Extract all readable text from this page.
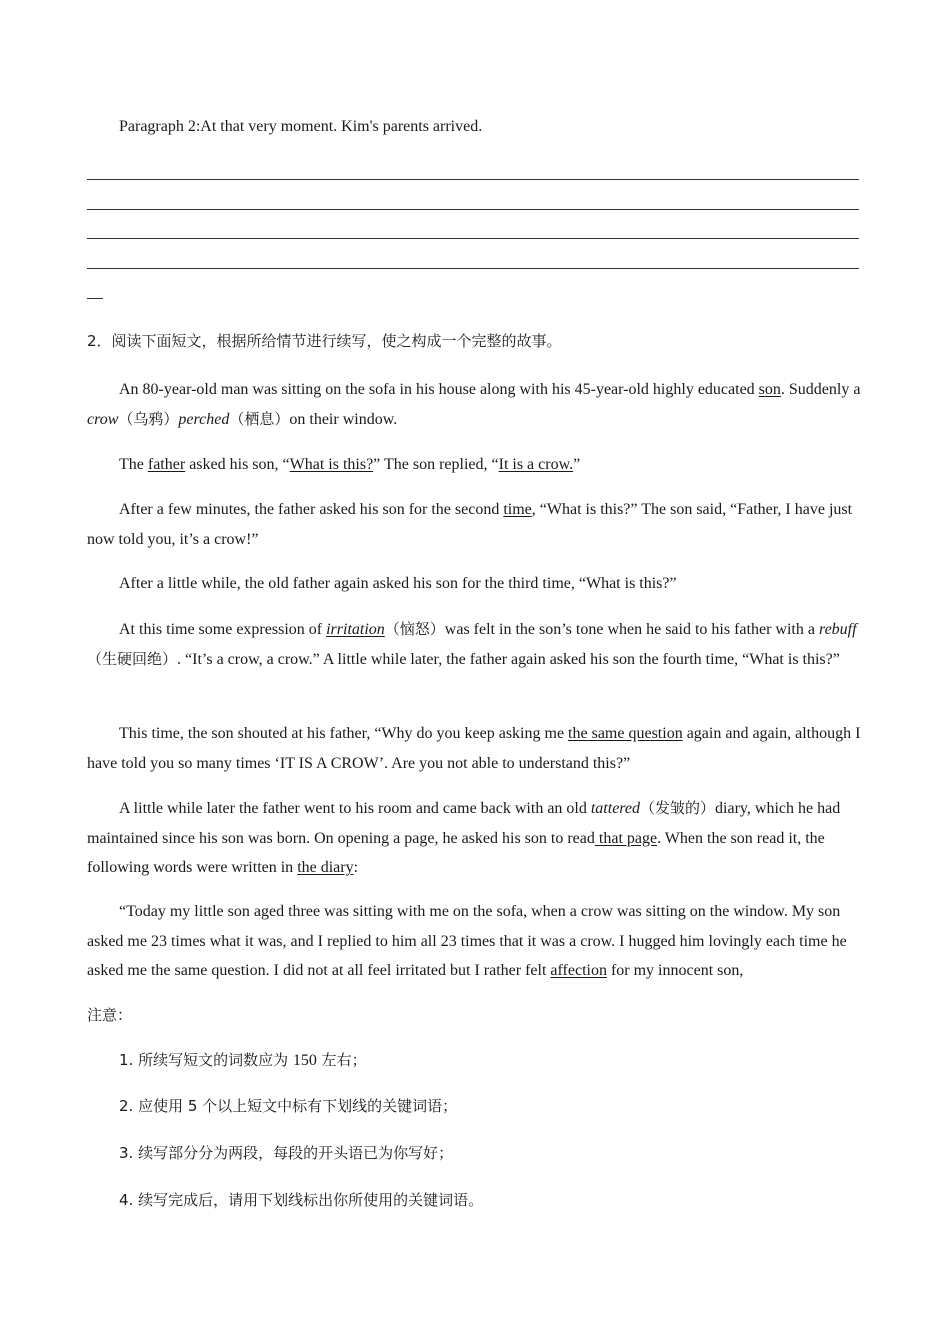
Paragraph 2:At that very moment. Kim's parents arrived.

2．阅读下面短文，根据所给情节进行续写，使之构成一个完整的故事。

An 80-year-old man was sitting on the sofa in his house along with his 45-year-old highly educated son. Suddenly a crow（乌鸦）perched（栖息）on their window.

The father asked his son, “What is this?” The son replied, “It is a crow.”

After a few minutes, the father asked his son for the second time, “What is this?” The son said, “Father, I have just now told you, it’s a crow!”

After a little while, the old father again asked his son for the third time, “What is this?”

At this time some expression of irritation（恼怒）was felt in the son’s tone when he said to his father with a rebuff（生硬回绝）. “It’s a crow, a crow.” A little while later, the father again asked his son the fourth time, “What is this?”

This time, the son shouted at his father, “Why do you keep asking me the same question again and again, although I have told you so many times ‘IT IS A CROW’. Are you not able to understand this?”

A little while later the father went to his room and came back with an old tattered（发皱的）diary, which he had maintained since his son was born. On opening a page, he asked his son to read that page. When the son read it, the following words were written in the diary:

“Today my little son aged three was sitting with me on the sofa, when a crow was sitting on the window. My son asked me 23 times what it was, and I replied to him all 23 times that it was a crow. I hugged him lovingly each time he asked me the same question. I did not at all feel irritated but I rather felt affection for my innocent son,

注意：

1. 所续写短文的词数应为 150 左右；

2. 应使用 5 个以上短文中标有下划线的关键词语；

3. 续写部分分为两段，每段的开头语已为你写好；

4. 续写完成后，请用下划线标出你所使用的关键词语。
